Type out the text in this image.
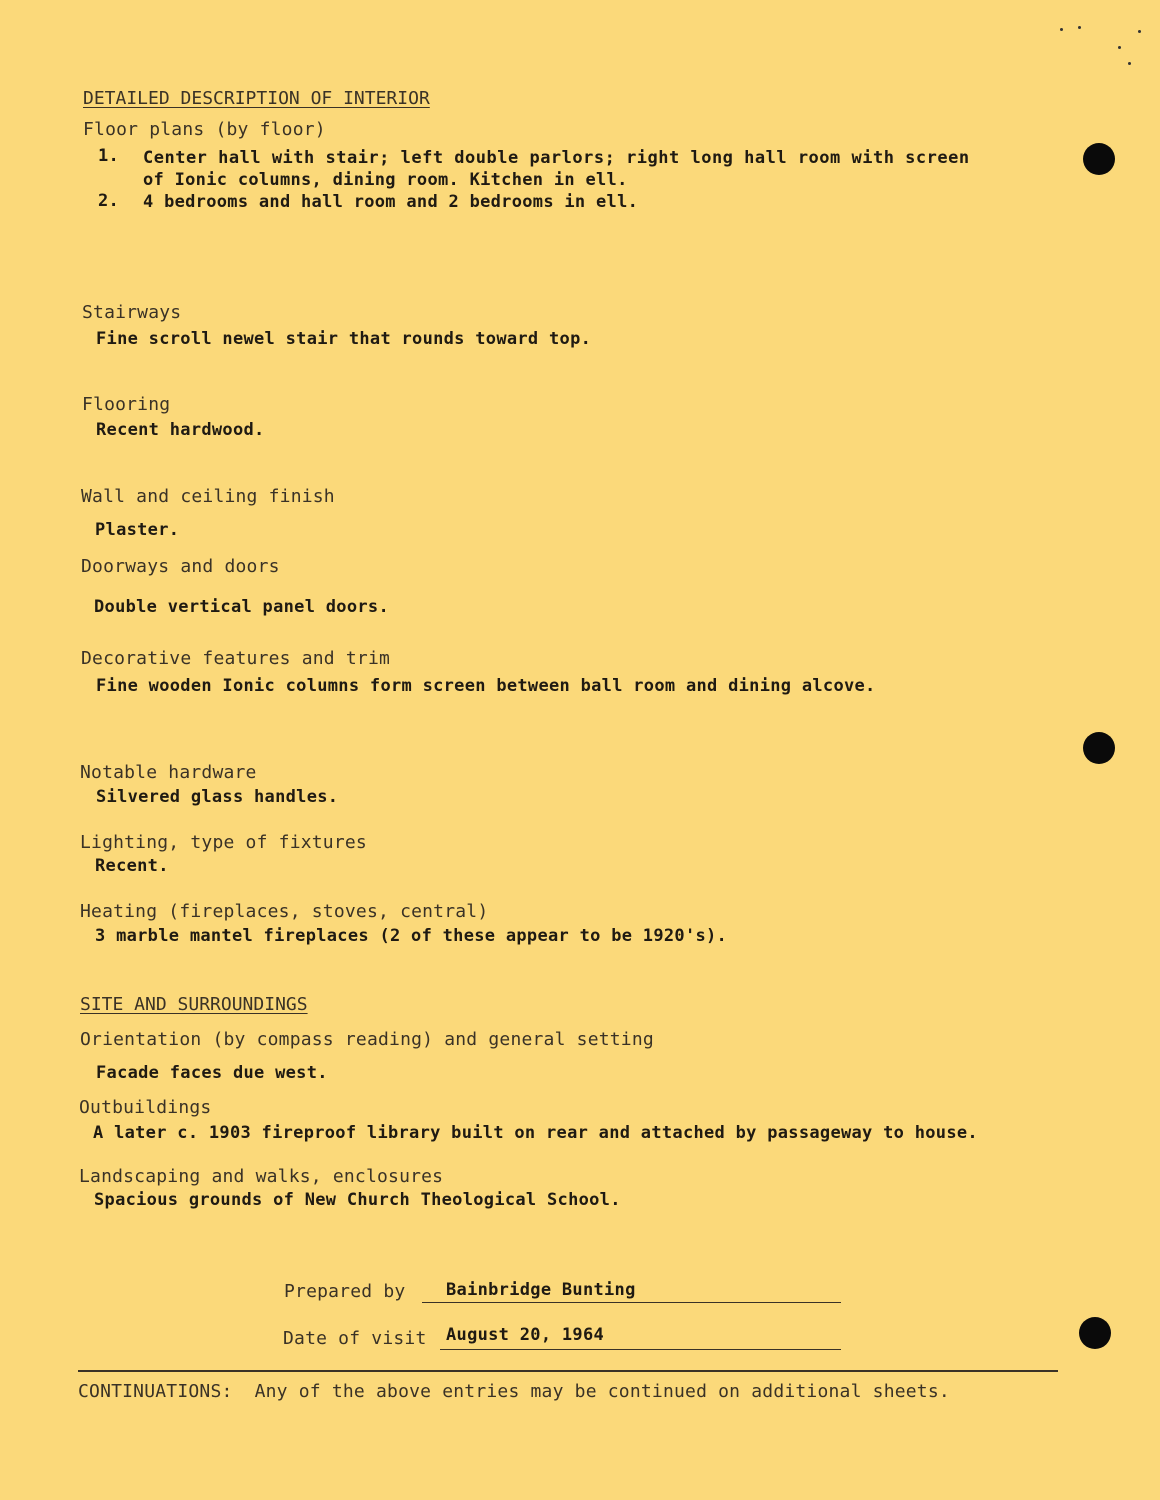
DETAILED DESCRIPTION OF INTERIOR
Floor plans (by floor)
1. Center hall with stair; left double parlors; right long hall room with screen
of Ionic columns, dining room. Kitchen in ell.
2. 4 bedrooms and hall room and 2 bedrooms in ell.
Stairways
Fine scroll newel stair that rounds toward top.
Flooring
Recent hardwood.
Wall and ceiling finish
Plaster.
Doorways and doors
Double vertical panel doors.
Decorative features and trim
Fine wooden Ionic columns form screen between ball room and dining alcove.
Notable hardware
Silvered glass handles.
Lighting, type of fixtures
Recent.
Heating (fireplaces, stoves, central)
3 marble mantel fireplaces (2 of these appear to be 1920's).
SITE AND SURROUNDINGS
Orientation (by compass reading) and general setting
Facade faces due west.
Outbuildings
A later c. 1903 fireproof library built on rear and attached by passageway to house.
Landscaping and walks, enclosures
Spacious grounds of New Church Theological School.
Prepared by Bainbridge Bunting
Date of visit August 20, 1964
CONTINUATIONS:  Any of the above entries may be continued on additional sheets.
